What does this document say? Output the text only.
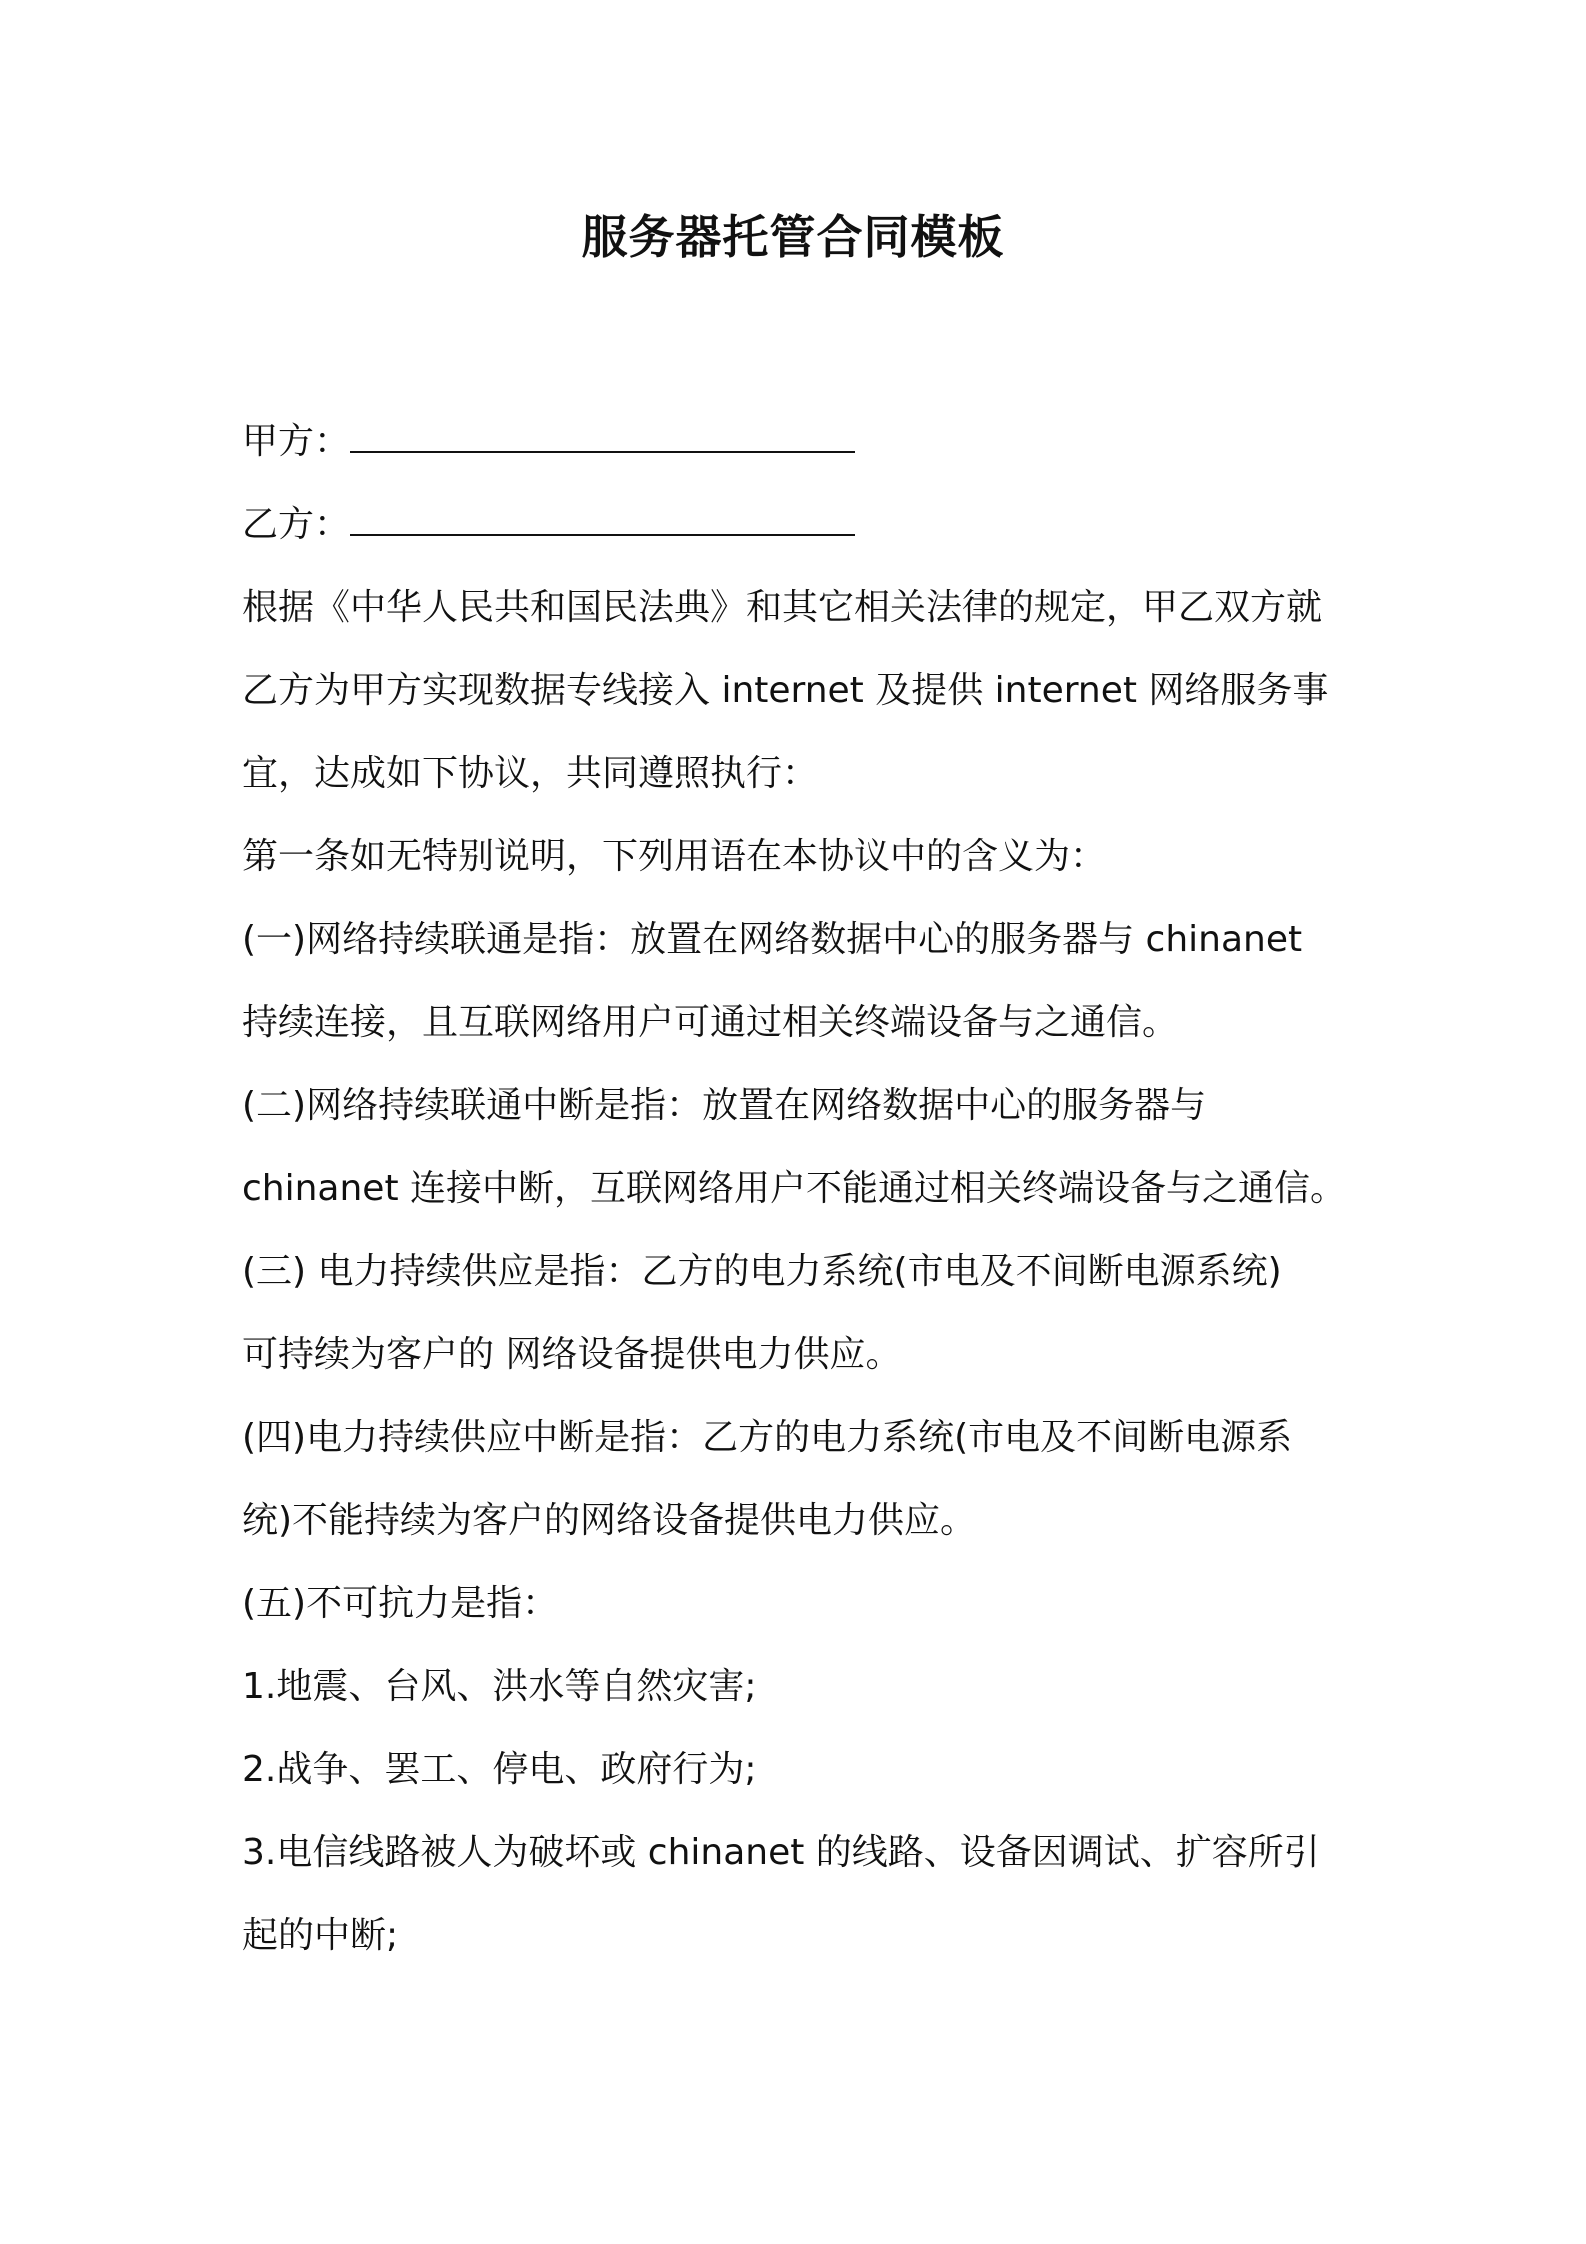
服务器托管合同模板
甲方：
乙方：
根据《中华人民共和国民法典》和其它相关法律的规定，甲乙双方就
乙方为甲方实现数据专线接入 internet 及提供 internet 网络服务事
宜，达成如下协议，共同遵照执行：
第一条如无特别说明，下列用语在本协议中的含义为：
(一)网络持续联通是指：放置在网络数据中心的服务器与 chinanet
持续连接，且互联网络用户可通过相关终端设备与之通信。
(二)网络持续联通中断是指：放置在网络数据中心的服务器与
chinanet 连接中断，互联网络用户不能通过相关终端设备与之通信。
(三) 电力持续供应是指：乙方的电力系统(市电及不间断电源系统)
可持续为客户的 网络设备提供电力供应。
(四)电力持续供应中断是指：乙方的电力系统(市电及不间断电源系
统)不能持续为客户的网络设备提供电力供应。
(五)不可抗力是指：
1.地震、台风、洪水等自然灾害;
2.战争、罢工、停电、政府行为;
3.电信线路被人为破坏或 chinanet 的线路、设备因调试、扩容所引
起的中断;
